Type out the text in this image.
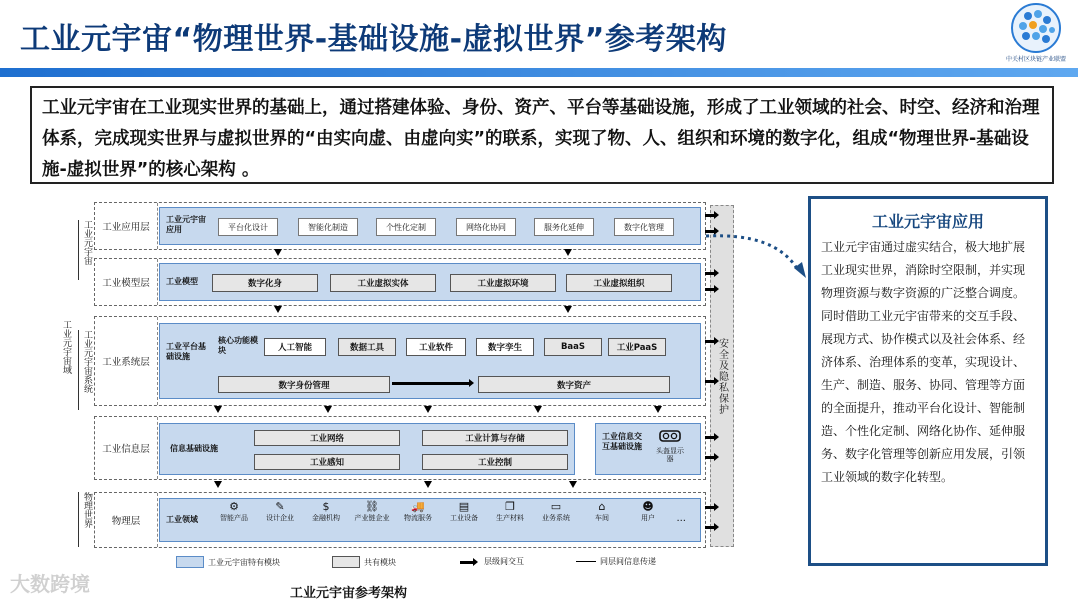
工业元宇宙“物理世界-基础设施-虚拟世界”参考架构
中关村区块链产业联盟
工业元宇宙在工业现实世界的基础上，通过搭建体验、身份、资产、平台等基础设施，形成了工业领域的社会、时空、经济和治理体系，完成现实世界与虚拟世界的“由实向虚、由虚向实”的联系，实现了物、人、组织和环境的数字化，组成“物理世界-基础设施-虚拟世界”的核心架构 。
工业元宇宙
工业元宇宙域	工业元宇宙系统
物理世界
工业应用层
工业元宇宙应用	平台化设计	智能化制造	个性化定制	网络化协同	服务化延伸	数字化管理
工业模型层	工业模型	数字化身	工业虚拟实体	工业虚拟环境	工业虚拟组织
工业系统层
工业平台基础设施
核心功能模块	人工智能	数据工具	工业软件	数字孪生	BaaS	工业PaaS
数字身份管理	数字资产
工业信息层	信息基础设施
工业网络	工业计算与存储
工业感知	工业控制
工业信息交互基础设施 头盔显示器
物理层	工业领域
⚙
智能产品
✎
设计企业
$
金融机构
⛓
产业链企业
🚚
物流服务
▤
工业设备
❐
生产材料
▭
业务系统
⌂
车间
☻
用户	...
安全及隐私保护
工业元宇宙特有模块	共有模块	层级间交互	同层间信息传递
工业元宇宙参考架构
大数跨境
工业元宇宙应用
工业元宇宙通过虚实结合，极大地扩展工业现实世界，消除时空限制，并实现物理资源与数字资源的广泛整合调度。同时借助工业元宇宙带来的交互手段、展现方式、协作模式以及社会体系、经济体系、治理体系的变革，实现设计、生产、制造、服务、协同、管理等方面的全面提升，推动平台化设计、智能制造、个性化定制、网络化协作、延伸服务、数字化管理等创新应用发展，引领工业领域的数字化转型。
